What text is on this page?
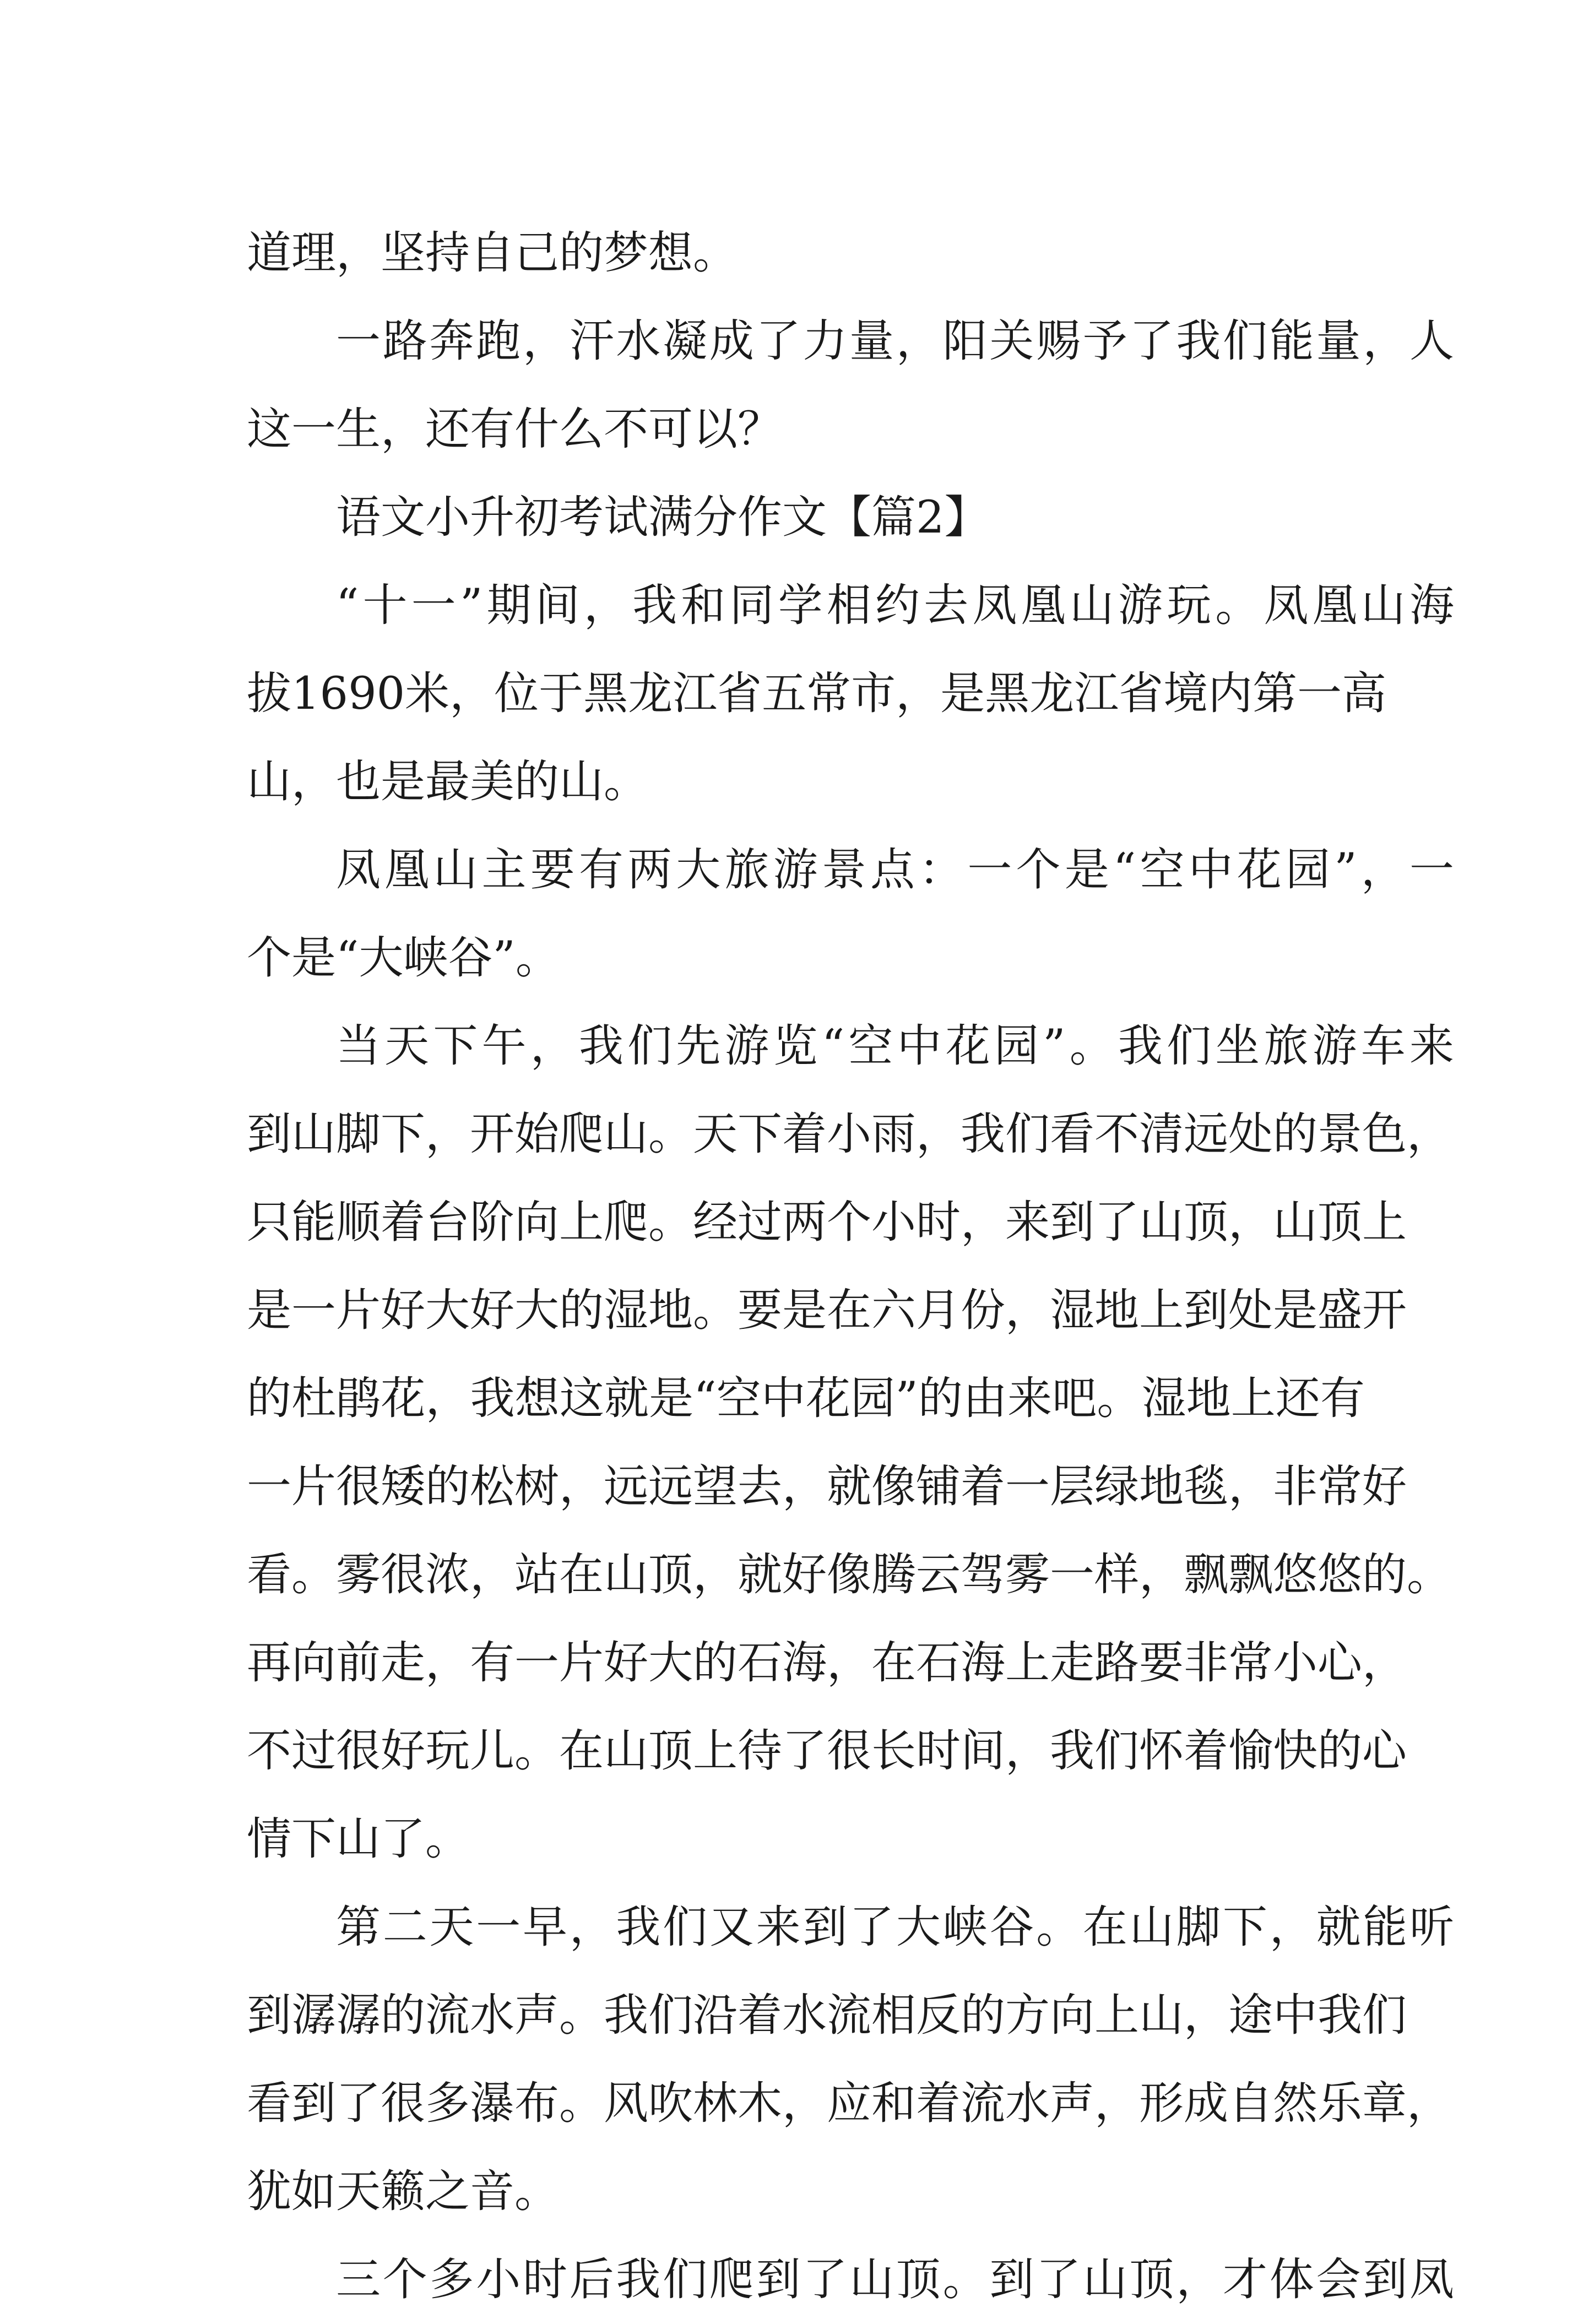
道理，坚持自己的梦想。
一路奔跑，汗水凝成了力量，阳关赐予了我们能量，人
这一生，还有什么不可以？
语文小升初考试满分作文【篇2】
“十一”期间，我和同学相约去凤凰山游玩。凤凰山海
拔1690米，位于黑龙江省五常市，是黑龙江省境内第一高
山，也是最美的山。
凤凰山主要有两大旅游景点：一个是“空中花园”，一
个是“大峡谷”。
当天下午，我们先游览“空中花园”。我们坐旅游车来
到山脚下，开始爬山。天下着小雨，我们看不清远处的景色，
只能顺着台阶向上爬。经过两个小时，来到了山顶，山顶上
是一片好大好大的湿地。要是在六月份，湿地上到处是盛开
的杜鹃花，我想这就是“空中花园”的由来吧。湿地上还有
一片很矮的松树，远远望去，就像铺着一层绿地毯，非常好
看。雾很浓，站在山顶，就好像腾云驾雾一样，飘飘悠悠的。
再向前走，有一片好大的石海，在石海上走路要非常小心，
不过很好玩儿。在山顶上待了很长时间，我们怀着愉快的心
情下山了。
第二天一早，我们又来到了大峡谷。在山脚下，就能听
到潺潺的流水声。我们沿着水流相反的方向上山，途中我们
看到了很多瀑布。风吹林木，应和着流水声，形成自然乐章，
犹如天籁之音。
三个多小时后我们爬到了山顶。到了山顶，才体会到凤
